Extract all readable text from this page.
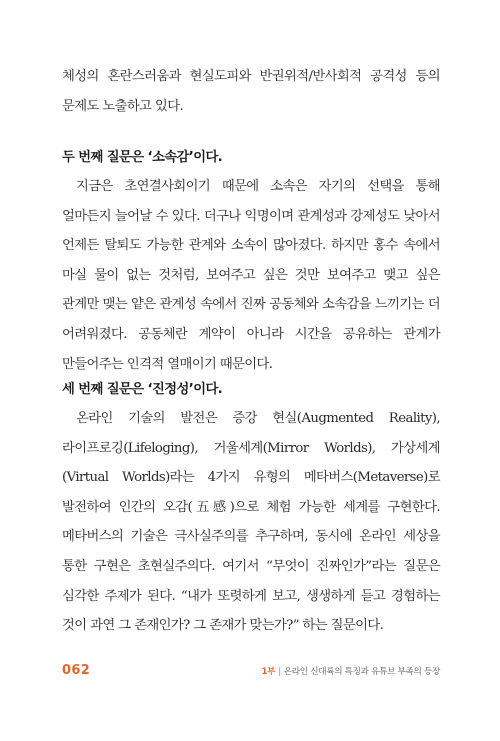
체성의 혼란스러움과 현실도피와 반권위적/반사회적 공격성 등의 문제도 노출하고 있다.

두 번째 질문은 ‘소속감’이다.

지금은 초연결사회이기 때문에 소속은 자기의 선택을 통해 얼마든지 늘어날 수 있다. 더구나 익명이며 관계성과 강제성도 낮아서 언제든 탈퇴도 가능한 관계와 소속이 많아졌다. 하지만 홍수 속에서 마실 물이 없는 것처럼, 보여주고 싶은 것만 보여주고 맺고 싶은 관계만 맺는 얕은 관계성 속에서 진짜 공동체와 소속감을 느끼기는 더 어려워졌다. 공동체란 계약이 아니라 시간을 공유하는 관계가 만들어주는 인격적 열매이기 때문이다.

세 번째 질문은 ‘진정성’이다.

온라인 기술의 발전은 증강 현실(Augmented Reality), 라이프로깅(Lifeloging), 거울세계(Mirror Worlds), 가상세계(Virtual Worlds)라는 4가지 유형의 메타버스(Metaverse)로 발전하여 인간의 오감(五感)으로 체험 가능한 세계를 구현한다. 메타버스의 기술은 극사실주의를 추구하며, 동시에 온라인 세상을 통한 구현은 초현실주의다. 여기서 “무엇이 진짜인가”라는 질문은 심각한 주제가 된다. “내가 또렷하게 보고, 생생하게 듣고 경험하는 것이 과연 그 존재인가? 그 존재가 맞는가?” 하는 질문이다.

062	1부 | 온라인 신대륙의 특징과 유튜브 부족의 등장
